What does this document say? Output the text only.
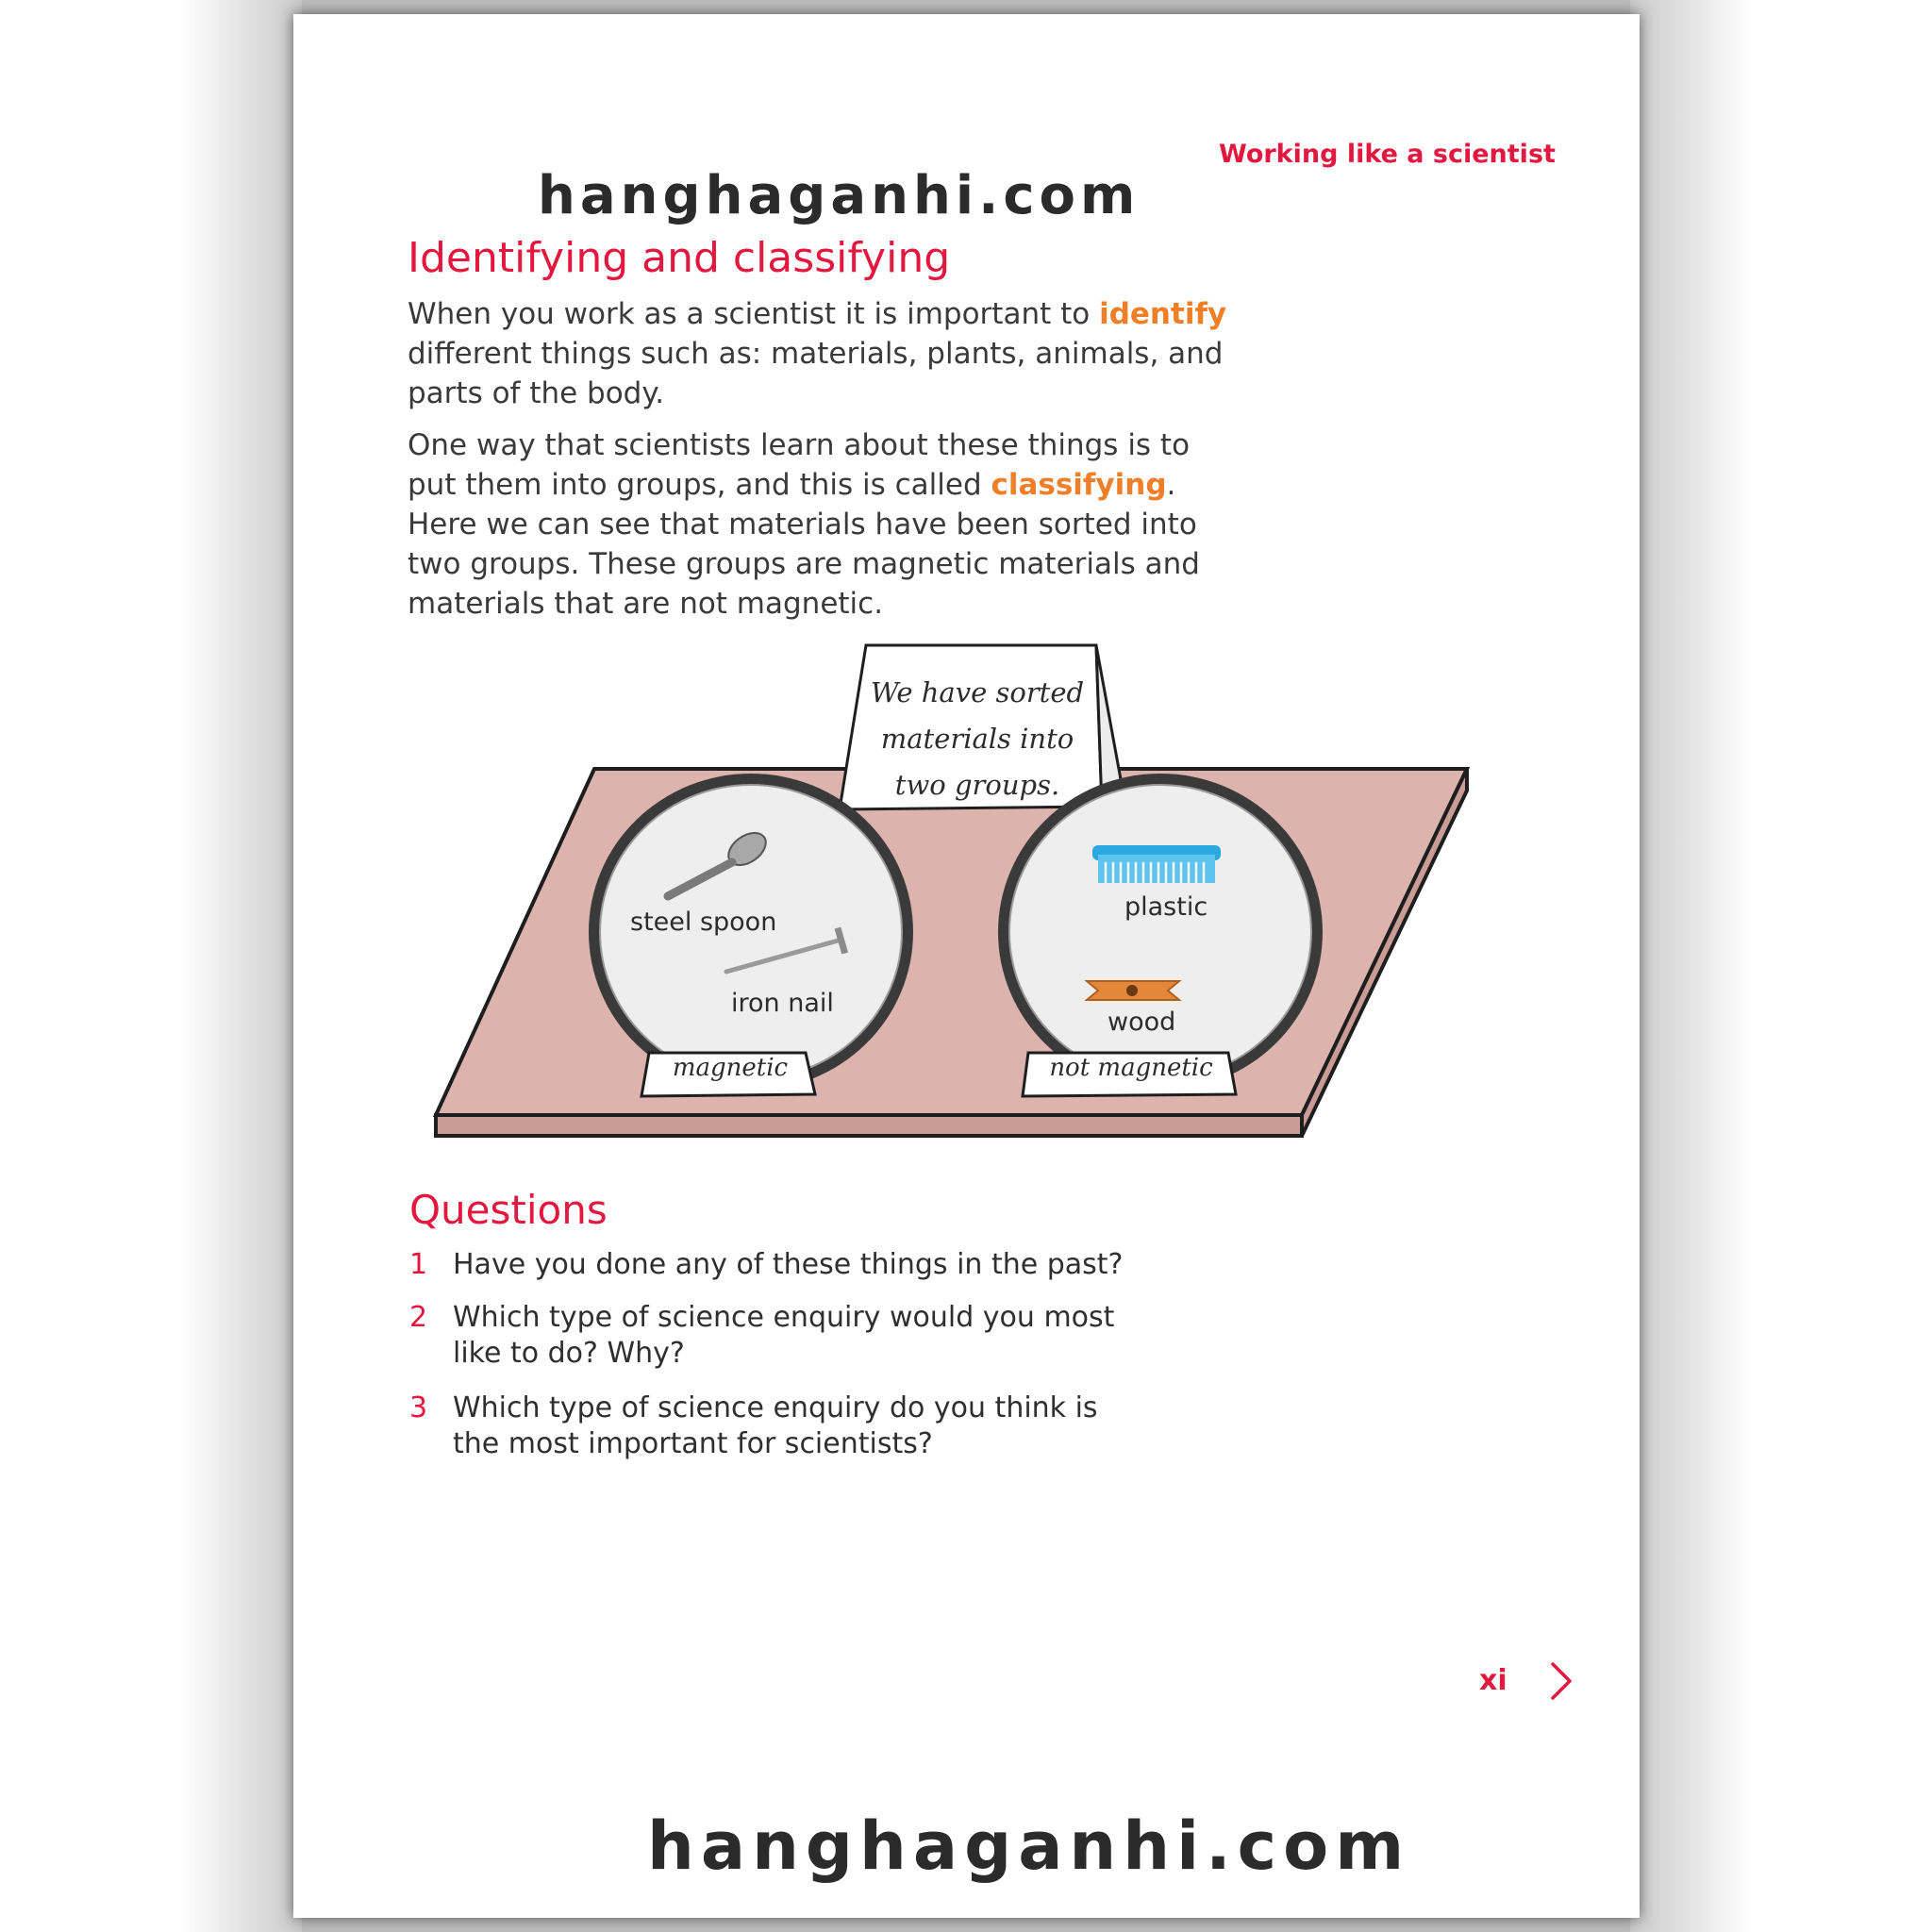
Working like a scientist
hanghaganhi.com
Identifying and classifying
When you work as a scientist it is important to identify different things such as: materials, plants, animals, and parts of the body.
One way that scientists learn about these things is to put them into groups, and this is called classifying. Here we can see that materials have been sorted into two groups. These groups are magnetic materials and materials that are not magnetic.
We have sorted
materials into
two groups.
steel spoon
iron nail
plastic
wood
magnetic	not magnetic
Questions
1 Have you done any of these things in the past?
2 Which type of science enquiry would you most like to do? Why?
3 Which type of science enquiry do you think is the most important for scientists?
xi
hanghaganhi.com
